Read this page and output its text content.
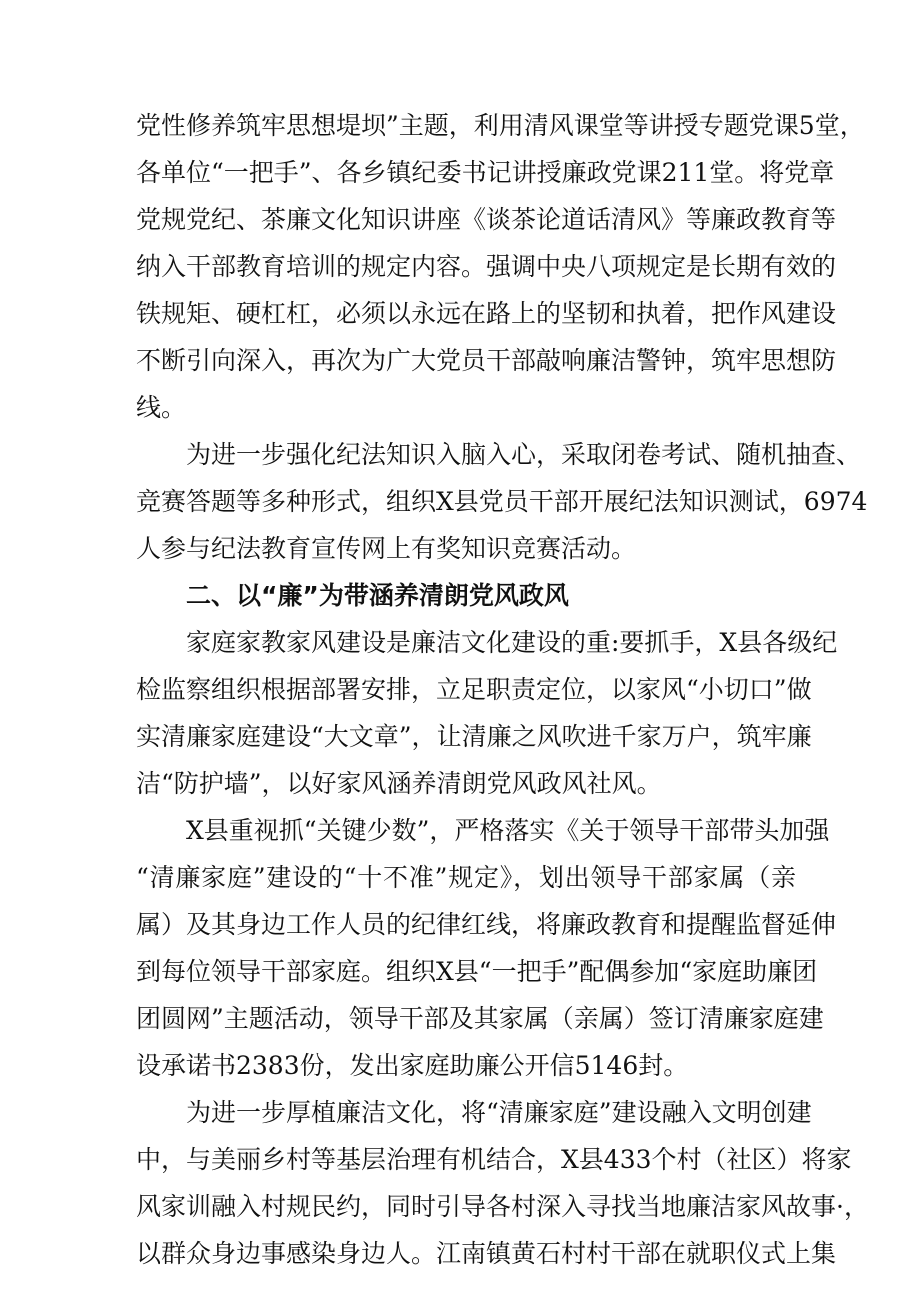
党性修养筑牢思想堤坝”主题，利用清风课堂等讲授专题党课5堂，

各单位“一把手”、各乡镇纪委书记讲授廉政党课211堂。将党章

党规党纪、茶廉文化知识讲座《谈茶论道话清风》等廉政教育等

纳入干部教育培训的规定内容。强调中央八项规定是长期有效的

铁规矩、硬杠杠，必须以永远在路上的坚韧和执着，把作风建设

不断引向深入，再次为广大党员干部敲响廉洁警钟，筑牢思想防

线。

为进一步强化纪法知识入脑入心，采取闭卷考试、随机抽查、

竞赛答题等多种形式，组织X县党员干部开展纪法知识测试，6974

人参与纪法教育宣传网上有奖知识竞赛活动。

二、以“廉”为带涵养清朗党风政风

家庭家教家风建设是廉洁文化建设的重:要抓手，X县各级纪

检监察组织根据部署安排，立足职责定位，以家风“小切口”做

实清廉家庭建设“大文章”，让清廉之风吹进千家万户，筑牢廉

洁“防护墙”，以好家风涵养清朗党风政风社风。

X县重视抓“关键少数”，严格落实《关于领导干部带头加强

“清廉家庭”建设的“十不准”规定》，划出领导干部家属（亲

属）及其身边工作人员的纪律红线，将廉政教育和提醒监督延伸

到每位领导干部家庭。组织X县“一把手”配偶参加“家庭助廉团

团圆网”主题活动，领导干部及其家属（亲属）签订清廉家庭建

设承诺书2383份，发出家庭助廉公开信5146封。

为进一步厚植廉洁文化，将“清廉家庭”建设融入文明创建

中，与美丽乡村等基层治理有机结合，X县433个村（社区）将家

风家训融入村规民约，同时引导各村深入寻找当地廉洁家风故事·，

以群众身边事感染身边人。江南镇黄石村村干部在就职仪式上集
